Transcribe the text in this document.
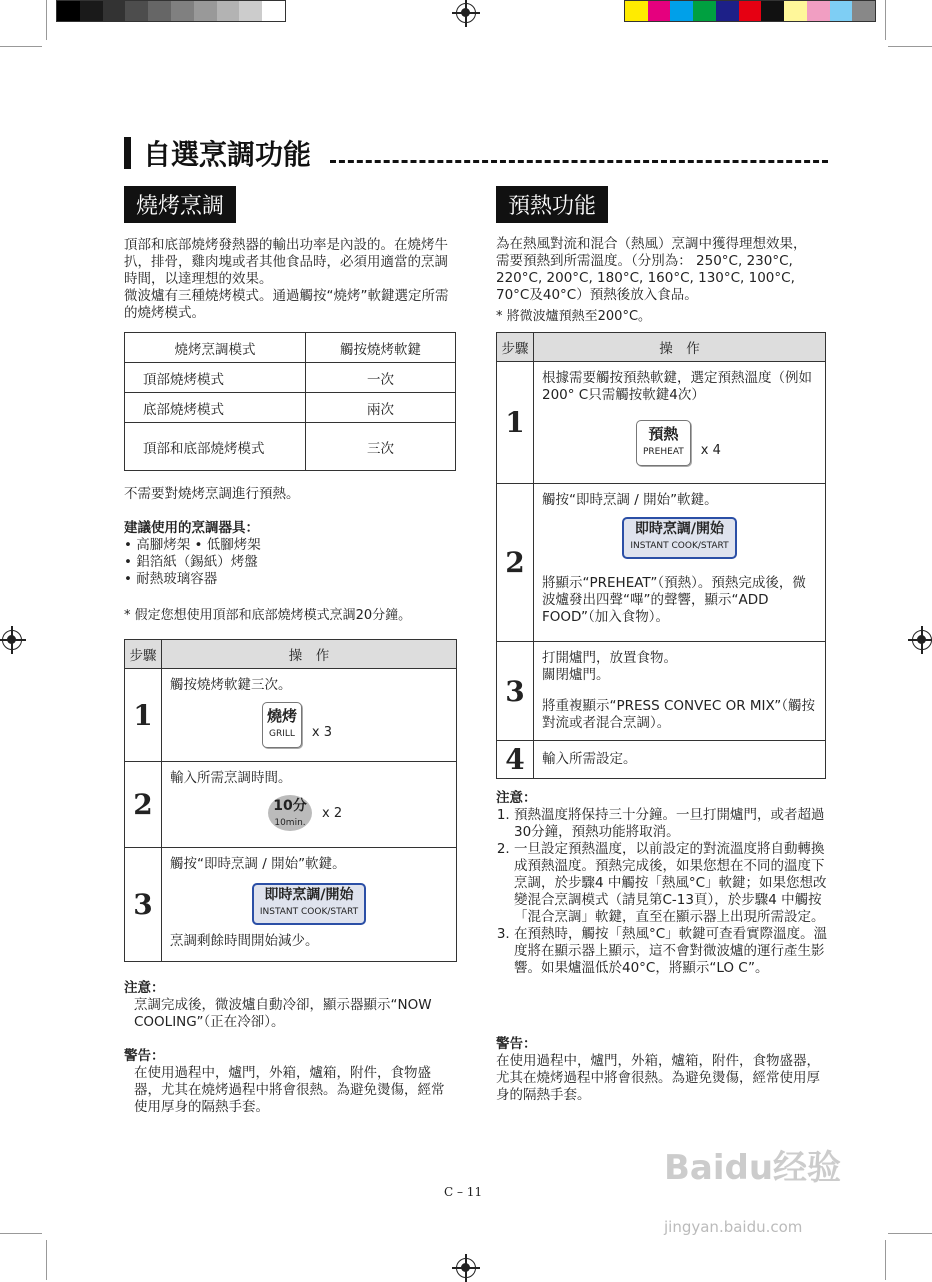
自選烹調功能
燒烤烹調

頂部和底部燒烤發熱器的輸出功率是內設的。在燒烤牛扒，排骨，雞肉塊或者其他食品時，必須用適當的烹調時間，以達理想的效果。

微波爐有三種燒烤模式。通過觸按“燒烤”軟鍵選定所需的燒烤模式。

燒烤烹調模式	觸按燒烤軟鍵
頂部燒烤模式	一次
底部燒烤模式	兩次
頂部和底部燒烤模式	三次
不需要對燒烤烹調進行預熱。

建議使用的烹調器具：

• 高腳烤架 • 低腳烤架

• 鋁箔紙（錫紙）烤盤

• 耐熱玻璃容器

* 假定您想使用頂部和底部燒烤模式烹調20分鐘。
步驟	操　作
1	觸按燒烤軟鍵三次。
燒烤
GRILL x 3

2	輸入所需烹調時間。
10分
10min.
x 2

3	觸按“即時烹調 / 開始”軟鍵。
即時烹調/開始
INSTANT COOK/START
烹調剩餘時間開始減少。

注意：

烹調完成後，微波爐自動冷卻，顯示器顯示“NOW COOLING”（正在冷卻）。

警告：

在使用過程中，爐門，外箱，爐箱，附件，食物盛器，尤其在燒烤過程中將會很熱。為避免燙傷，經常使用厚身的隔熱手套。

預熱功能
為在熱風對流和混合（熱風）烹調中獲得理想效果，需要預熱到所需溫度。（分別為： 250°C, 230°C, 220°C, 200°C, 180°C, 160°C, 130°C, 100°C, 70°C及40°C）預熱後放入食品。
* 將微波爐預熱至200°C。
步驟	操　作
1	根據需要觸按預熱軟鍵，選定預熱溫度（例如200° C只需觸按軟鍵4次）
預熱
PREHEAT x 4

2	觸按“即時烹調 / 開始”軟鍵。
即時烹調/開始
INSTANT COOK/START
將顯示“PREHEAT”（預熱）。預熱完成後，微波爐發出四聲“嗶”的聲響，顯示“ADD FOOD”（加入食物）。

3	打開爐門，放置食物。
關閉爐門。
將重複顯示“PRESS CONVEC OR MIX”（觸按對流或者混合烹調）。

4	輸入所需設定。

注意：

1. 預熱溫度將保持三十分鐘。一旦打開爐門，或者超過30分鐘，預熱功能將取消。
2. 一旦設定預熱溫度，以前設定的對流溫度將自動轉換成預熱溫度。預熱完成後，如果您想在不同的溫度下烹調，於步驟4 中觸按「熱風°C」軟鍵；如果您想改變混合烹調模式（請見第C-13頁），於步驟4 中觸按「混合烹調」軟鍵，直至在顯示器上出現所需設定。
3. 在預熱時，觸按「熱風°C」軟鍵可查看實際溫度。溫度將在顯示器上顯示，這不會對微波爐的運行產生影響。如果爐溫低於40°C，將顯示“LO C”。

警告：

在使用過程中，爐門，外箱，爐箱，附件，食物盛器，尤其在燒烤過程中將會很熱。為避免燙傷，經常使用厚身的隔熱手套。

C – 11
Baidu经验
jingyan.baidu.com
